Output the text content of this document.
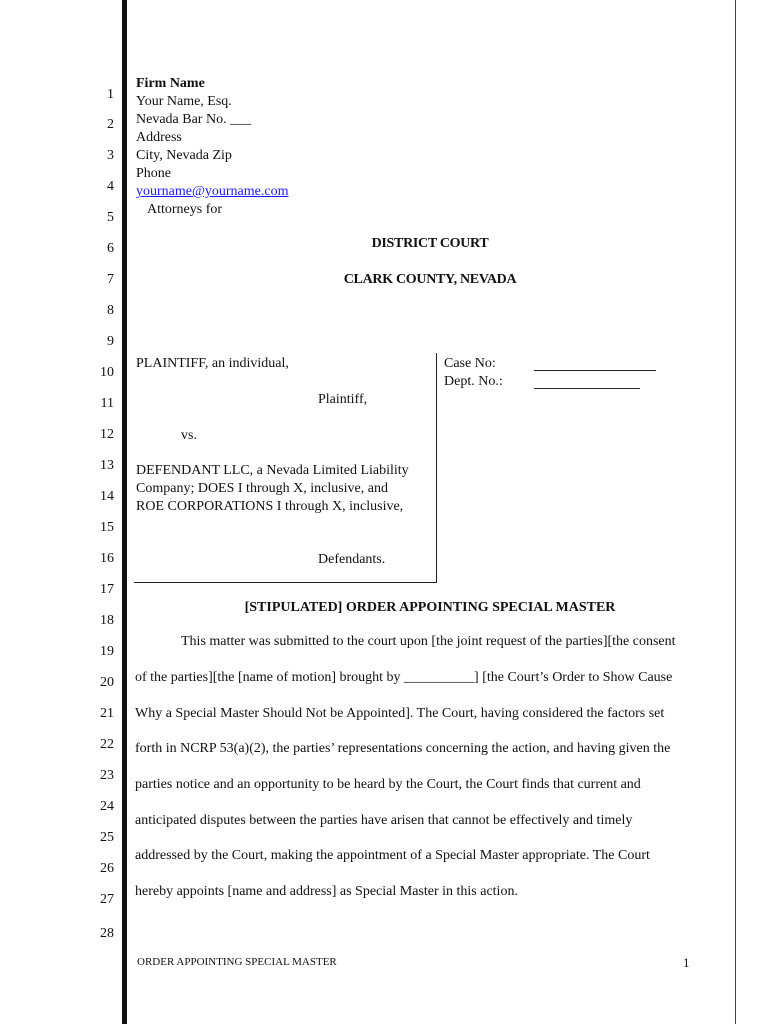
1
2
3
4
5
6
7
8
9
10
11
12
13
14
15
16
17
18
19
20
21
22
23
24
25
26
27
28
Firm Name
Your Name, Esq.
Nevada Bar No. ___
Address
City, Nevada Zip
Phone
yourname@yourname.com
Attorneys for
DISTRICT COURT
CLARK COUNTY, NEVADA
PLAINTIFF, an individual,
Plaintiff,
vs.
DEFENDANT LLC, a Nevada Limited Liability
Company; DOES I through X, inclusive, and
ROE CORPORATIONS I through X, inclusive,
Defendants.
Case No:
Dept. No.:
[STIPULATED] ORDER APPOINTING SPECIAL MASTER
This matter was submitted to the court upon [the joint request of the parties][the consent
of the parties][the [name of motion] brought by __________] [the Court’s Order to Show Cause
Why a Special Master Should Not be Appointed]. The Court, having considered the factors set
forth in NCRP 53(a)(2), the parties’ representations concerning the action, and having given the
parties notice and an opportunity to be heard by the Court, the Court finds that current and
anticipated disputes between the parties have arisen that cannot be effectively and timely
addressed by the Court, making the appointment of a Special Master appropriate. The Court
hereby appoints [name and address] as Special Master in this action.
ORDER APPOINTING SPECIAL MASTER	1
